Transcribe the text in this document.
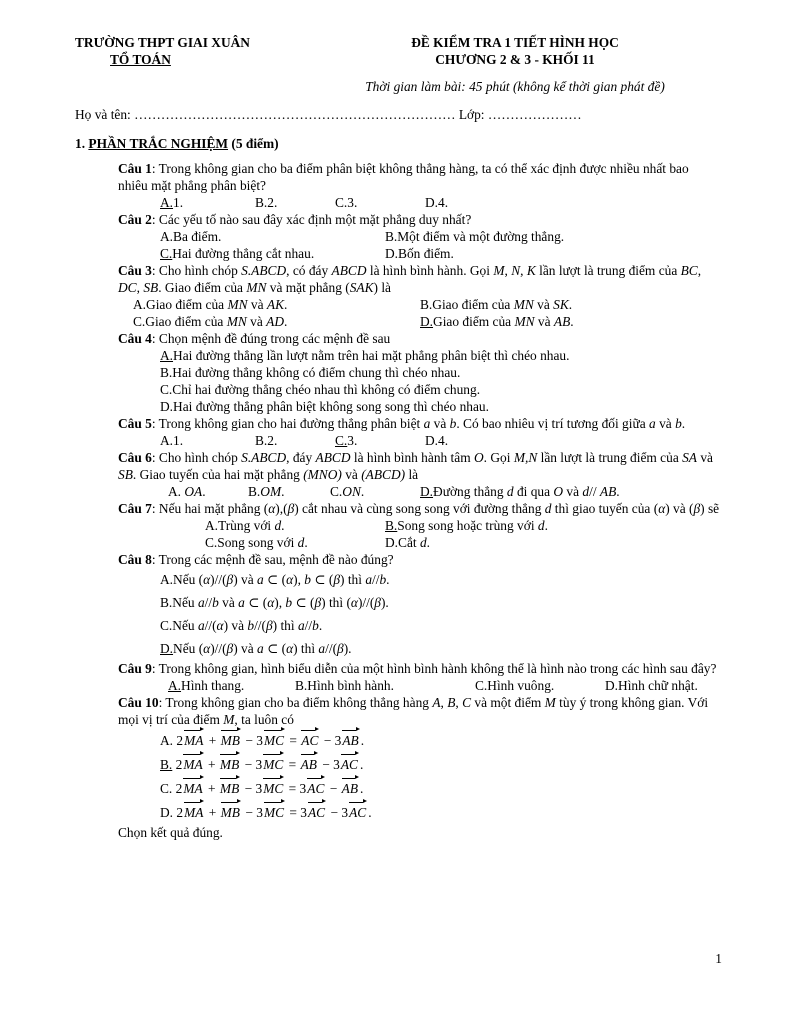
TRƯỜNG THPT GIAI XUÂN	ĐỀ KIỂM TRA 1 TIẾT HÌNH HỌC
TỔ TOÁN	CHƯƠNG 2 & 3 - KHỐI 11
Thời gian làm bài: 45 phút (không kể thời gian phát đề)
Họ và tên: ……………………………………………………………… Lớp: …………………
1. PHẦN TRẮC NGHIỆM (5 điểm)
Câu 1: Trong không gian cho ba điểm phân biệt không thẳng hàng, ta có thể xác định được nhiều nhất bao nhiêu mặt phẳng phân biệt?
A.1.	B.2.	C.3.	D.4.
Câu 2: Các yếu tố nào sau đây xác định một mặt phẳng duy nhất?
A.Ba điểm.	B.Một điểm và một đường thẳng.
C.Hai đường thẳng cắt nhau.	D.Bốn điểm.
Câu 3: Cho hình chóp S.ABCD, có đáy ABCD là hình bình hành. Gọi M, N, K lần lượt là trung điểm của BC, DC, SB. Giao điểm của MN và mặt phẳng (SAK) là
A.Giao điểm của MN và AK.	B.Giao điểm của MN và SK.
C.Giao điểm của MN và AD.	D.Giao điểm của MN và AB.
Câu 4: Chọn mệnh đề đúng trong các mệnh đề sau
A.Hai đường thẳng lần lượt nằm trên hai mặt phẳng phân biệt thì chéo nhau.
B.Hai đường thẳng không có điểm chung thì chéo nhau.
C.Chỉ hai đường thẳng chéo nhau thì không có điểm chung.
D.Hai đường thẳng phân biệt không song song thì chéo nhau.
Câu 5: Trong không gian cho hai đường thẳng phân biệt a và b. Có bao nhiêu vị trí tương đối giữa a và b.
A.1.	B.2.	C.3.	D.4.
Câu 6: Cho hình chóp S.ABCD, đáy ABCD là hình bình hành tâm O. Gọi M,N lần lượt là trung điểm của SA và SB. Giao tuyến của hai mặt phẳng (MNO) và (ABCD) là
A. OA.	B.OM.	C.ON.	D.Đường thẳng d đi qua O và d// AB.
Câu 7: Nếu hai mặt phẳng (α),(β) cắt nhau và cùng song song với đường thẳng d thì giao tuyến của (α) và (β) sẽ
A.Trùng với d.	B.Song song hoặc trùng với d.
C.Song song với d.	D.Cắt d.
Câu 8: Trong các mệnh đề sau, mệnh đề nào đúng?
A.Nếu (α)//(β) và a ⊂ (α), b ⊂ (β) thì a//b.
B.Nếu a//b và a ⊂ (α), b ⊂ (β) thì (α)//(β).
C.Nếu a//(α) và b//(β) thì a//b.
D.Nếu (α)//(β) và a ⊂ (α) thì a//(β).
Câu 9: Trong không gian, hình biểu diễn của một hình bình hành không thể là hình nào trong các hình sau đây?
A.Hình thang.	B.Hình bình hành.	C.Hình vuông.	D.Hình chữ nhật.
Câu 10: Trong không gian cho ba điểm không thẳng hàng A, B, C và một điểm M tùy ý trong không gian. Với mọi vị trí của điểm M, ta luôn có
A. 2MA + MB − 3MC = AC − 3AB .
B. 2MA + MB − 3MC = AB − 3AC .
C. 2MA + MB − 3MC = 3AC − AB .
D. 2MA + MB − 3MC = 3AC − 3AC .
Chọn kết quả đúng.
1
